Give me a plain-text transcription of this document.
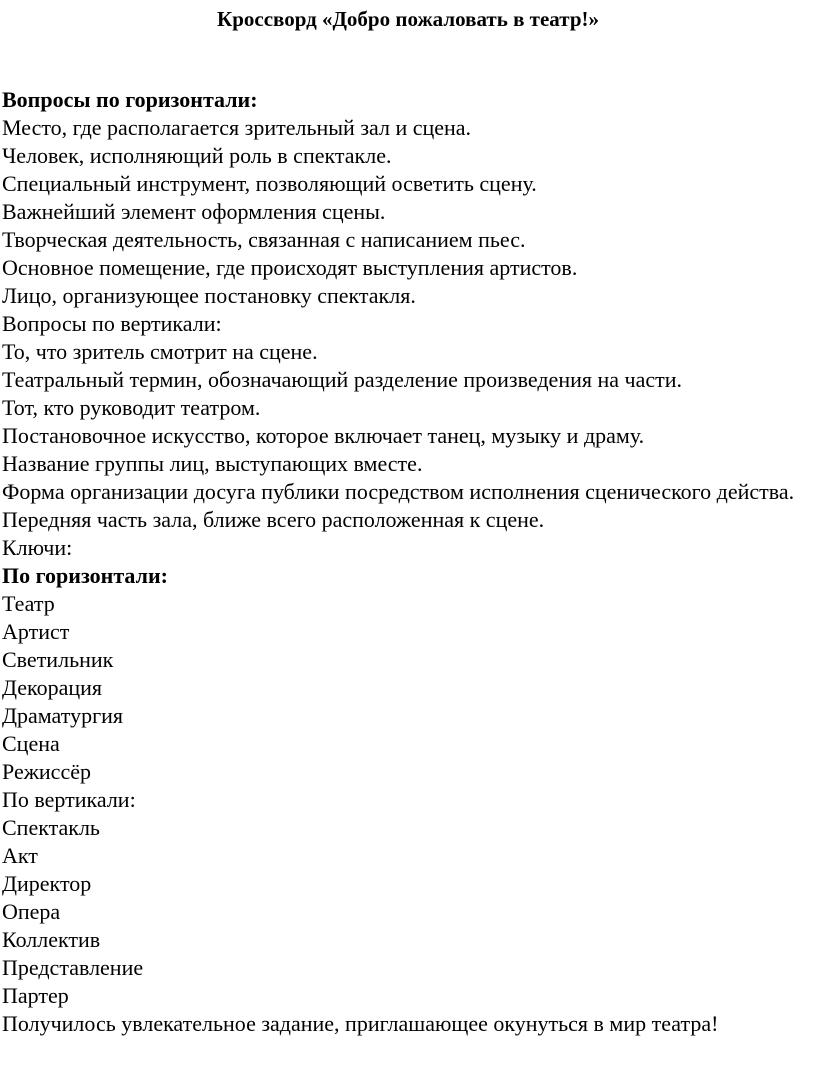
Кроссворд «Добро пожаловать в театр!»
Вопросы по горизонтали:
Место, где располагается зрительный зал и сцена.
Человек, исполняющий роль в спектакле.
Специальный инструмент, позволяющий осветить сцену.
Важнейший элемент оформления сцены.
Творческая деятельность, связанная с написанием пьес.
Основное помещение, где происходят выступления артистов.
Лицо, организующее постановку спектакля.
Вопросы по вертикали:
То, что зритель смотрит на сцене.
Театральный термин, обозначающий разделение произведения на части.
Тот, кто руководит театром.
Постановочное искусство, которое включает танец, музыку и драму.
Название группы лиц, выступающих вместе.
Форма организации досуга публики посредством исполнения сценического действа.
Передняя часть зала, ближе всего расположенная к сцене.
Ключи:
По горизонтали:
Театр
Артист
Светильник
Декорация
Драматургия
Сцена
Режиссёр
По вертикали:
Спектакль
Акт
Директор
Опера
Коллектив
Представление
Партер
Получилось увлекательное задание, приглашающее окунуться в мир театра!
